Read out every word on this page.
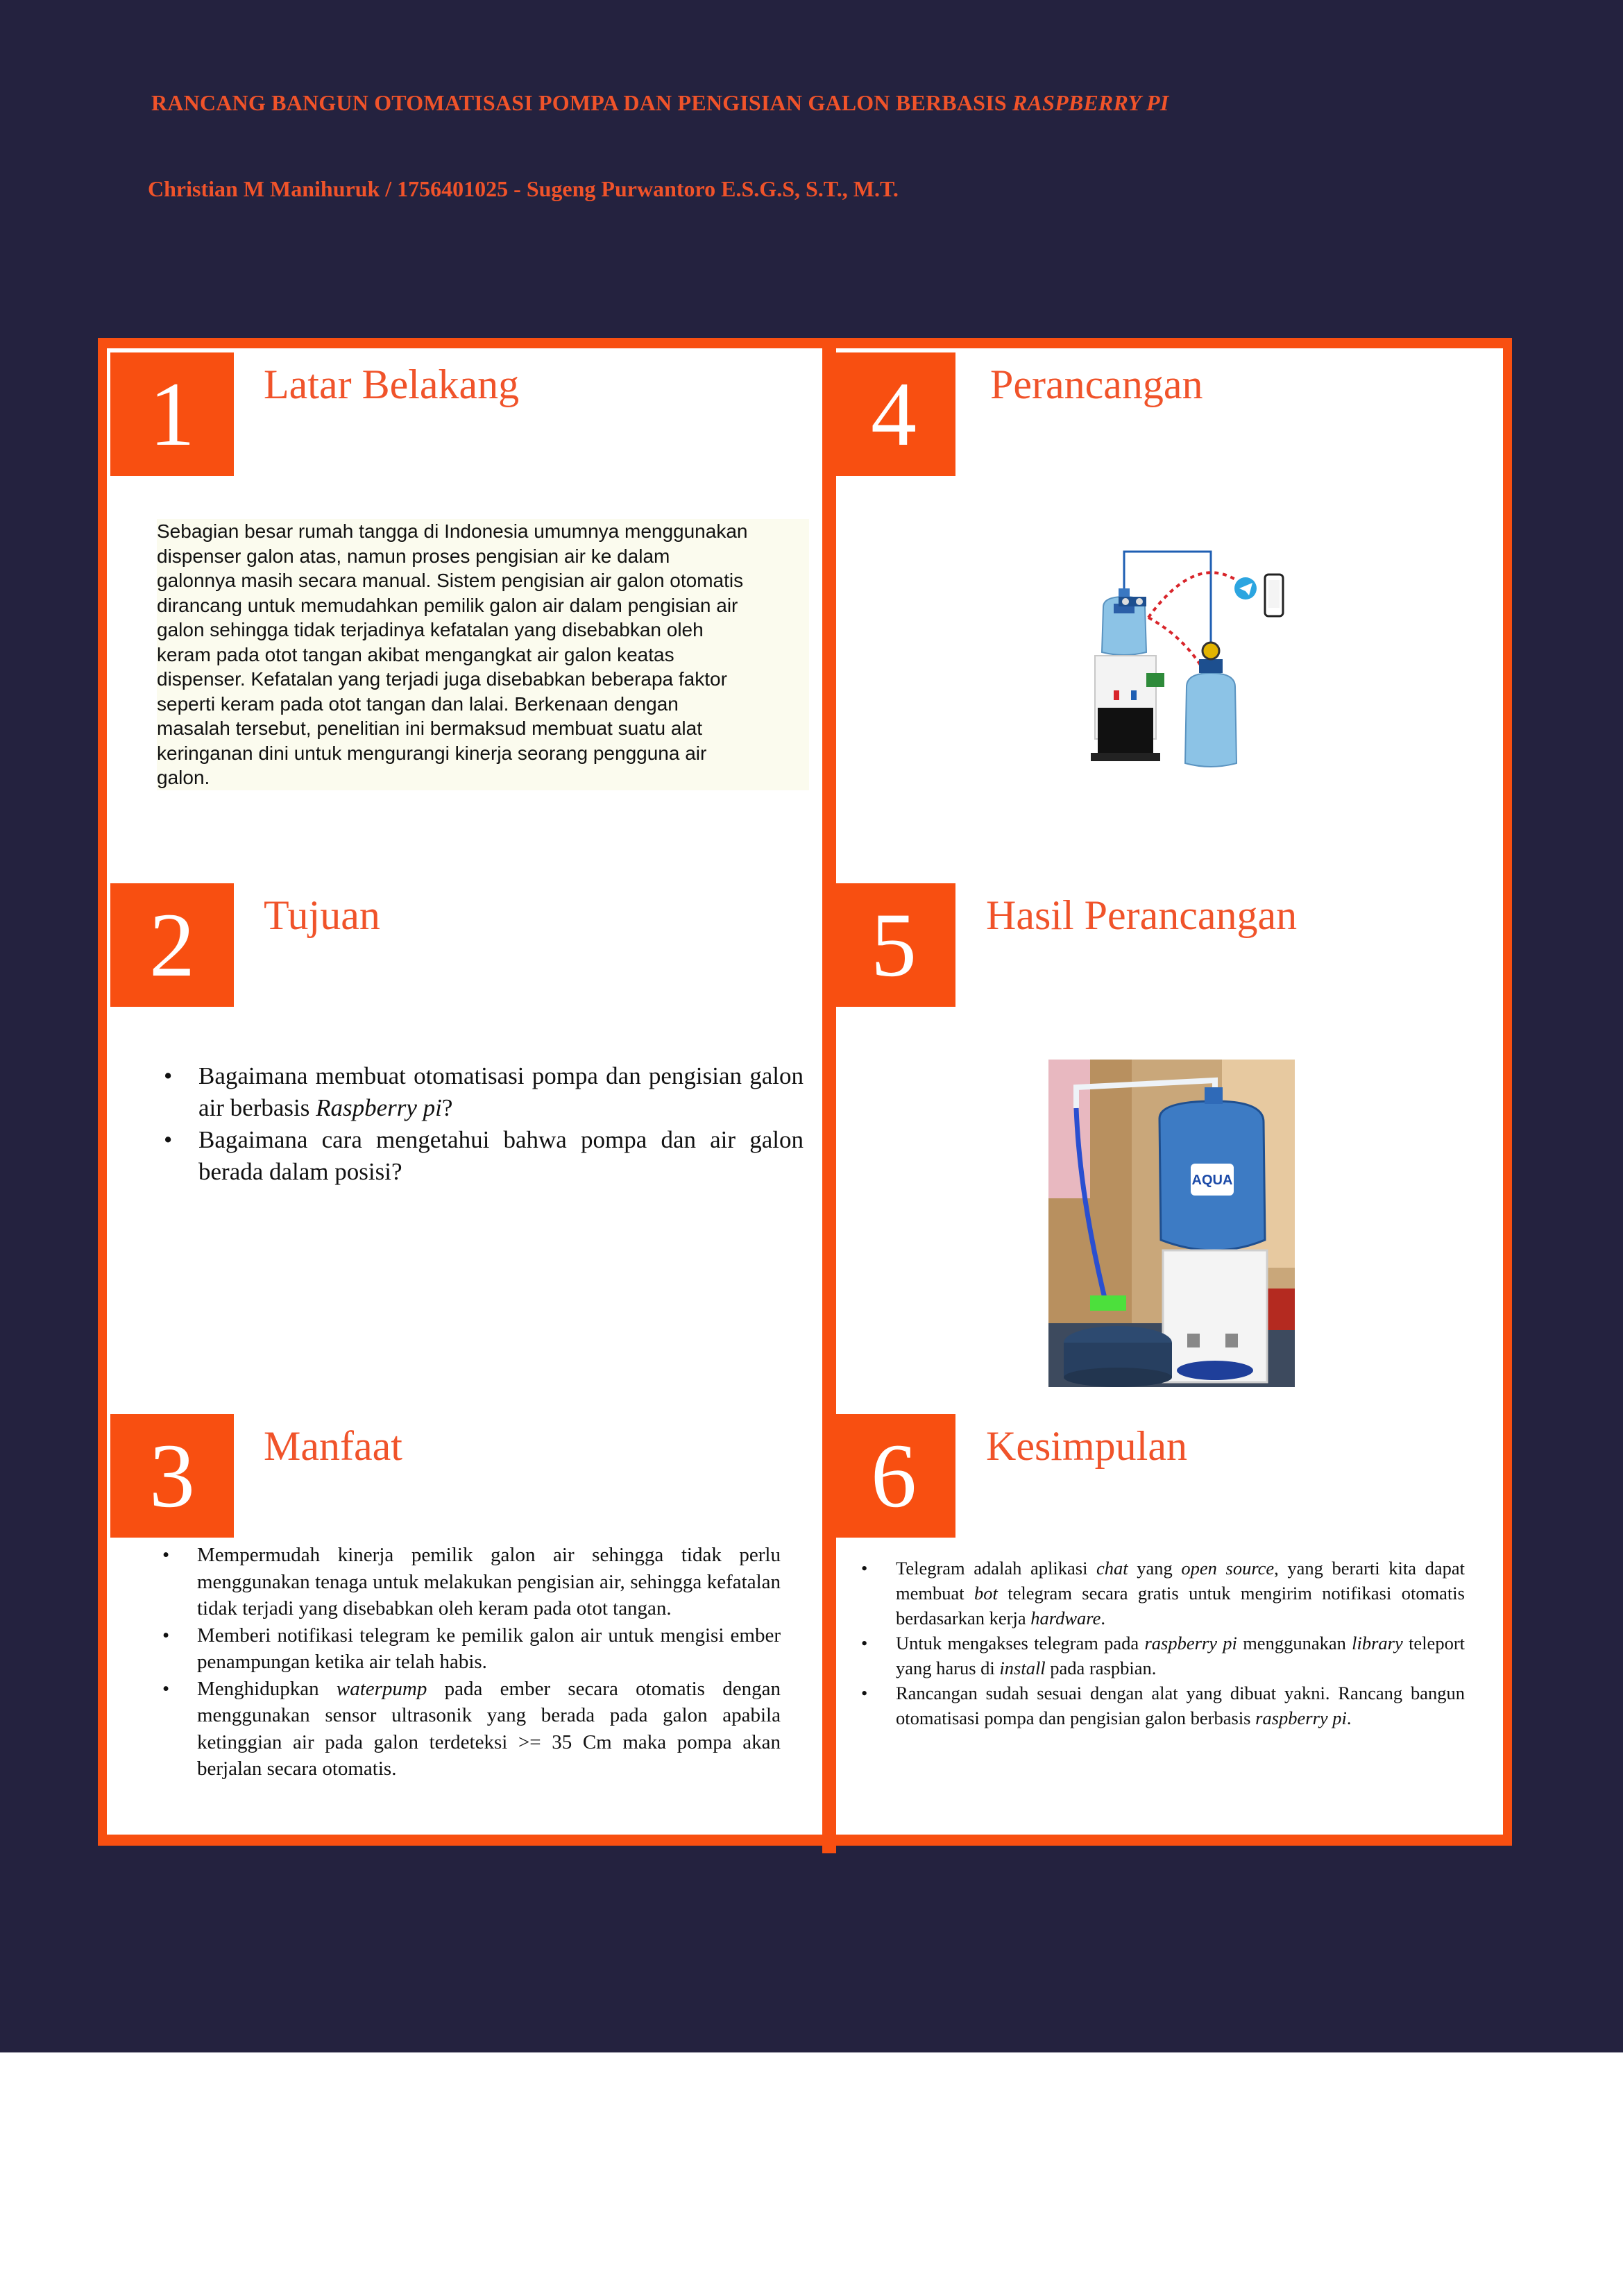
RANCANG BANGUN OTOMATISASI POMPA DAN PENGISIAN GALON BERBASIS RASPBERRY PI
Christian M Manihuruk / 1756401025 - Sugeng Purwantoro E.S.G.S, S.T., M.T.
1	Latar Belakang
Sebagian besar rumah tangga di Indonesia umumnya menggunakan
dispenser galon atas, namun proses pengisian air ke dalam
galonnya masih secara manual. Sistem pengisian air galon otomatis
dirancang untuk memudahkan pemilik galon air dalam pengisian air
galon sehingga tidak terjadinya kefatalan yang disebabkan oleh
keram pada otot tangan akibat mengangkat air galon keatas
dispenser. Kefatalan yang terjadi juga disebabkan beberapa faktor
seperti keram pada otot tangan dan lalai. Berkenaan dengan
masalah tersebut, penelitian ini bermaksud membuat suatu alat
keringanan dini untuk mengurangi kinerja seorang pengguna air
galon.
2	Tujuan
• Bagaimana membuat otomatisasi pompa dan pengisian galon air berbasis Raspberry pi?
• Bagaimana cara mengetahui bahwa pompa dan air galon berada dalam posisi?
3	Manfaat
• Mempermudah kinerja pemilik galon air sehingga tidak perlu menggunakan tenaga untuk melakukan pengisian air, sehingga kefatalan tidak terjadi yang disebabkan oleh keram pada otot tangan.
• Memberi notifikasi telegram ke pemilik galon air untuk mengisi ember penampungan ketika air telah habis.
• Menghidupkan waterpump pada ember secara otomatis dengan menggunakan sensor ultrasonik yang berada pada galon apabila ketinggian air pada galon terdeteksi >= 35 Cm maka pompa akan berjalan secara otomatis.
4	Perancangan
5	Hasil Perancangan
AQUA
6	Kesimpulan
• Telegram adalah aplikasi chat yang open source, yang berarti kita dapat membuat bot telegram secara gratis untuk mengirim notifikasi otomatis berdasarkan kerja hardware.
• Untuk mengakses telegram pada raspberry pi menggunakan library teleport yang harus di install pada raspbian.
• Rancangan sudah sesuai dengan alat yang dibuat yakni. Rancang bangun otomatisasi pompa dan pengisian galon berbasis raspberry pi.
